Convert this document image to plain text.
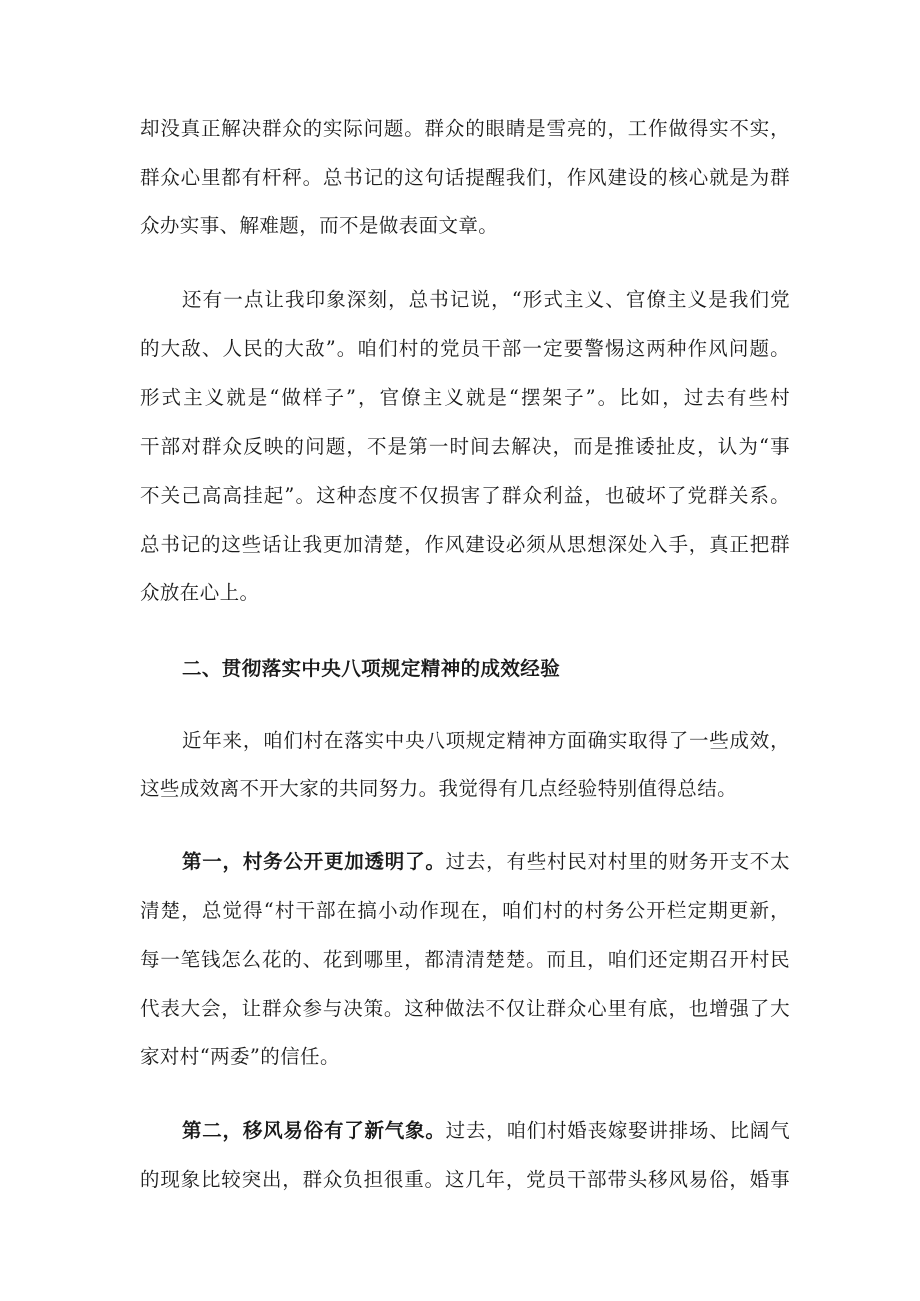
却没真正解决群众的实际问题。群众的眼睛是雪亮的，工作做得实不实，
群众心里都有杆秤。总书记的这句话提醒我们，作风建设的核心就是为群
众办实事、解难题，而不是做表面文章。
还有一点让我印象深刻，总书记说，“形式主义、官僚主义是我们党
的大敌、人民的大敌”。咱们村的党员干部一定要警惕这两种作风问题。
形式主义就是“做样子”，官僚主义就是“摆架子”。比如，过去有些村
干部对群众反映的问题，不是第一时间去解决，而是推诿扯皮，认为“事
不关己高高挂起”。这种态度不仅损害了群众利益，也破坏了党群关系。
总书记的这些话让我更加清楚，作风建设必须从思想深处入手，真正把群
众放在心上。
二、贯彻落实中央八项规定精神的成效经验
近年来，咱们村在落实中央八项规定精神方面确实取得了一些成效，
这些成效离不开大家的共同努力。我觉得有几点经验特别值得总结。
第一，村务公开更加透明了。过去，有些村民对村里的财务开支不太
清楚，总觉得“村干部在搞小动作现在，咱们村的村务公开栏定期更新，
每一笔钱怎么花的、花到哪里，都清清楚楚。而且，咱们还定期召开村民
代表大会，让群众参与决策。这种做法不仅让群众心里有底，也增强了大
家对村“两委”的信任。
第二，移风易俗有了新气象。过去，咱们村婚丧嫁娶讲排场、比阔气
的现象比较突出，群众负担很重。这几年，党员干部带头移风易俗，婚事
